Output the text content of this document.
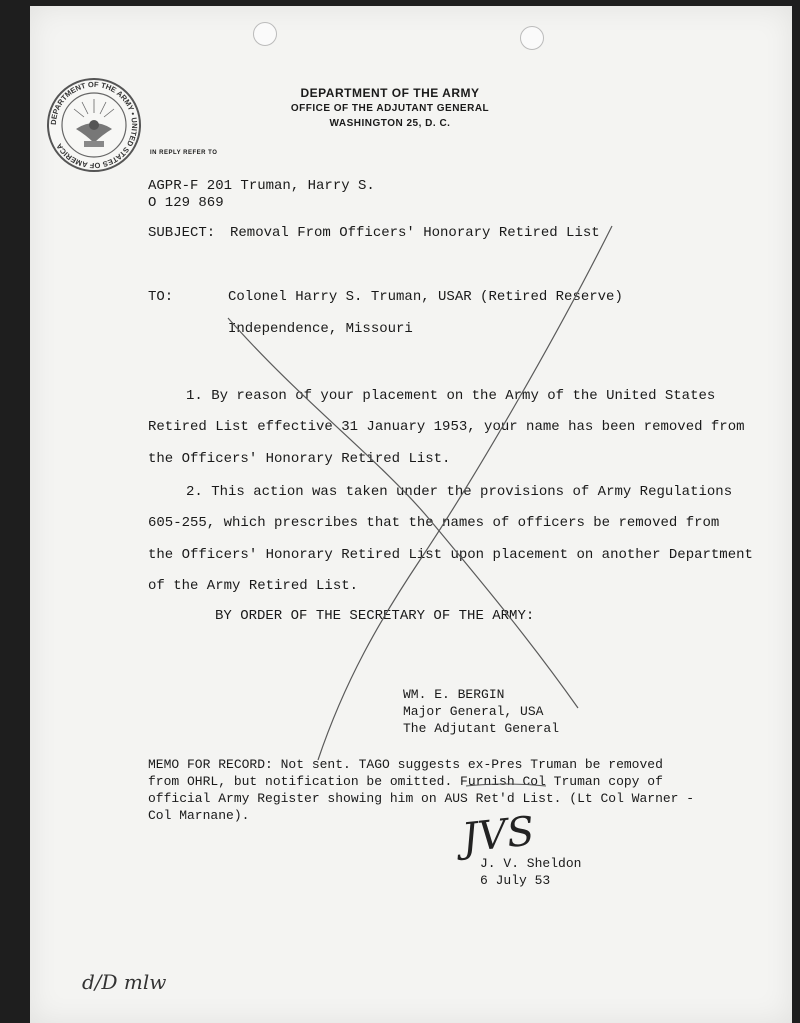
DEPARTMENT OF THE ARMY • UNITED STATES OF AMERICA
DEPARTMENT OF THE ARMY
OFFICE OF THE ADJUTANT GENERAL
WASHINGTON 25, D. C.
IN REPLY REFER TO
AGPR-F 201 Truman, Harry S.
O 129 869
SUBJECT: Removal From Officers' Honorary Retired List
TO:	Colonel Harry S. Truman, USAR (Retired Reserve)
Independence, Missouri
1. By reason of your placement on the Army of the United States
Retired List effective 31 January 1953, your name has been removed from
the Officers' Honorary Retired List.
2. This action was taken under the provisions of Army Regulations
605-255, which prescribes that the names of officers be removed from
the Officers' Honorary Retired List upon placement on another Department
of the Army Retired List.
BY ORDER OF THE SECRETARY OF THE ARMY:
WM. E. BERGIN
Major General, USA
The Adjutant General
MEMO FOR RECORD: Not sent. TAGO suggests ex-Pres Truman be removed
from OHRL, but notification be omitted. Furnish Col Truman copy of
official Army Register showing him on AUS Ret'd List. (Lt Col Warner -
Col Marnane).	JVS
J. V. Sheldon
6 July 53
d/D mlw
